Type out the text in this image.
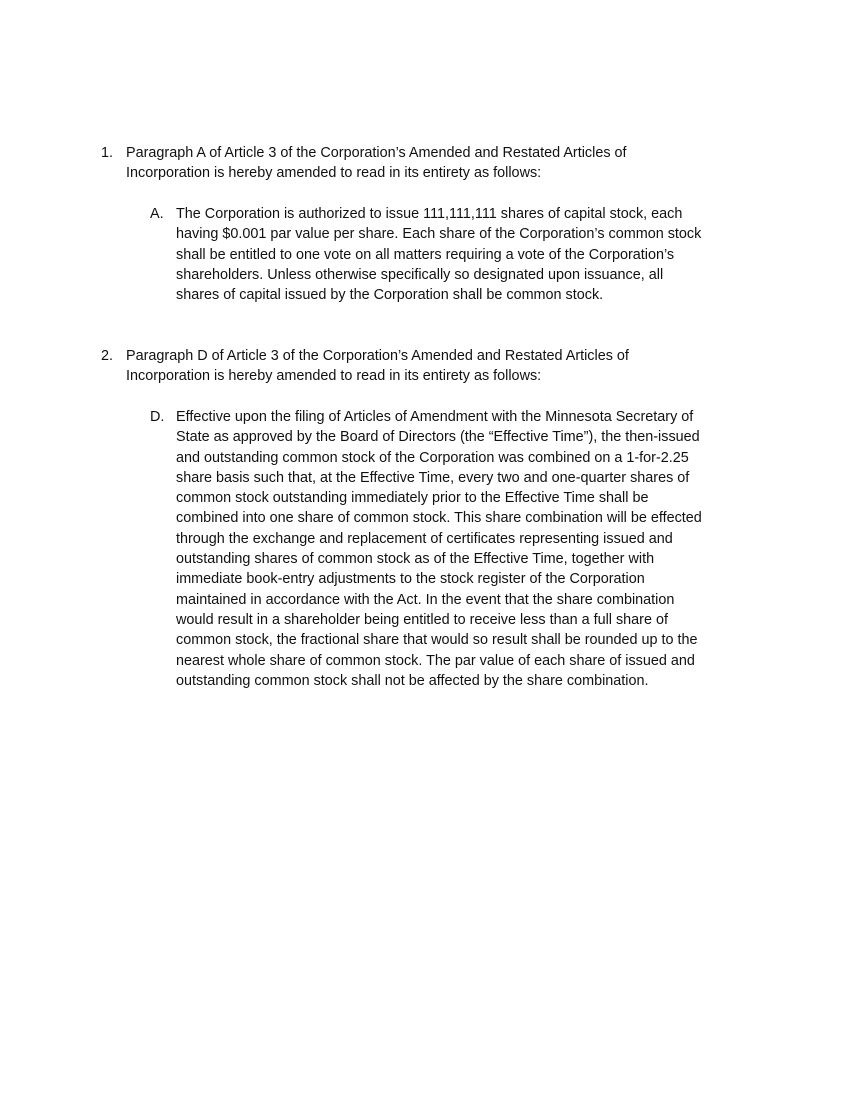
1. Paragraph A of Article 3 of the Corporation’s Amended and Restated Articles of Incorporation is hereby amended to read in its entirety as follows:
A. The Corporation is authorized to issue 111,111,111 shares of capital stock, each having $0.001 par value per share. Each share of the Corporation’s common stock shall be entitled to one vote on all matters requiring a vote of the Corporation’s shareholders. Unless otherwise specifically so designated upon issuance, all shares of capital issued by the Corporation shall be common stock.
2. Paragraph D of Article 3 of the Corporation’s Amended and Restated Articles of Incorporation is hereby amended to read in its entirety as follows:
D. Effective upon the filing of Articles of Amendment with the Minnesota Secretary of State as approved by the Board of Directors (the “Effective Time”), the then-issued and outstanding common stock of the Corporation was combined on a 1-for-2.25 share basis such that, at the Effective Time, every two and one-quarter shares of common stock outstanding immediately prior to the Effective Time shall be combined into one share of common stock. This share combination will be effected through the exchange and replacement of certificates representing issued and outstanding shares of common stock as of the Effective Time, together with immediate book-entry adjustments to the stock register of the Corporation maintained in accordance with the Act. In the event that the share combination would result in a shareholder being entitled to receive less than a full share of common stock, the fractional share that would so result shall be rounded up to the nearest whole share of common stock. The par value of each share of issued and outstanding common stock shall not be affected by the share combination.
